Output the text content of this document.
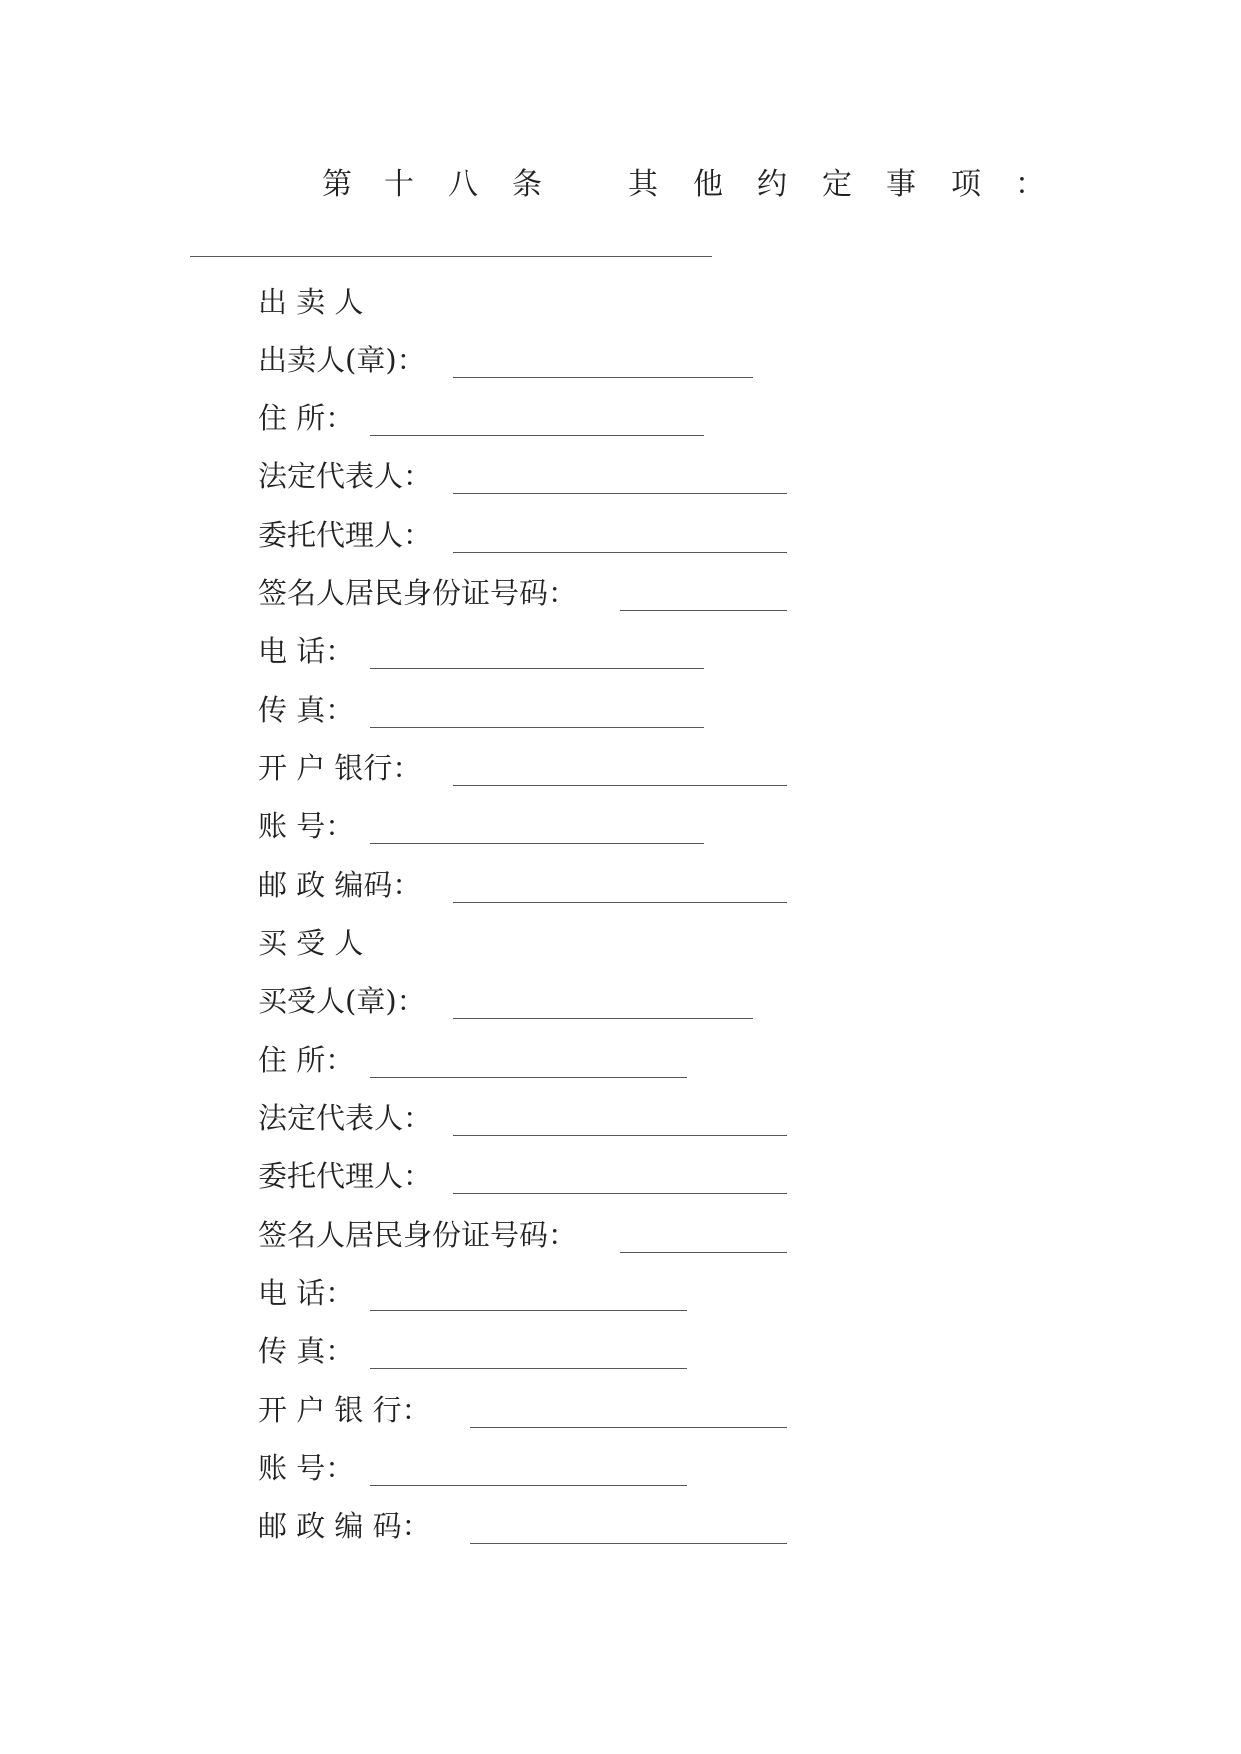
第 十 八 条	其 他 约 定 事 项 ：
出 卖 人
出卖人(章)：
住 所：
法定代表人：
委托代理人：
签名人居民身份证号码：
电 话：
传 真：
开 户 银行：
账 号：
邮 政 编码：
买 受 人
买受人(章)：
住 所：
法定代表人：
委托代理人：
签名人居民身份证号码：
电 话：
传 真：
开 户 银 行：
账 号：
邮 政 编 码：
